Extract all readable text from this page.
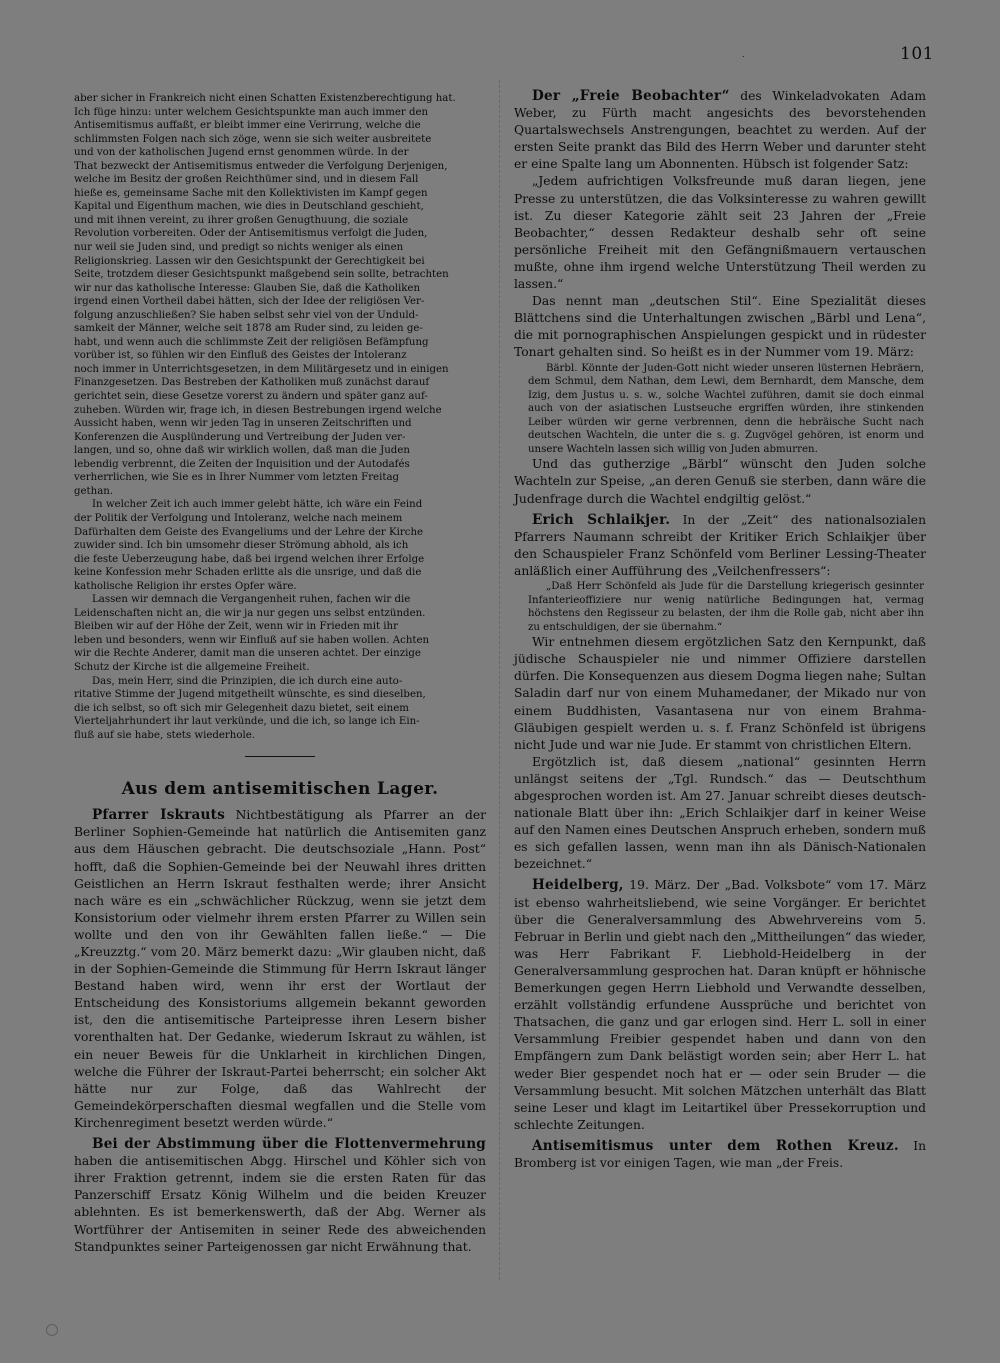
101
.
aber sicher in Frankreich nicht einen Schatten Existenzberechtigung hat.
Ich füge hinzu: unter welchem Gesichtspunkte man auch immer den
Antisemitismus auffaßt, er bleibt immer eine Verirrung, welche die
schlimmsten Folgen nach sich zöge, wenn sie sich weiter ausbreitete
und von der katholischen Jugend ernst genommen würde. In der
That bezweckt der Antisemitismus entweder die Verfolgung Derjenigen,
welche im Besitz der großen Reichthümer sind, und in diesem Fall
hieße es, gemeinsame Sache mit den Kollektivisten im Kampf gegen
Kapital und Eigenthum machen, wie dies in Deutschland geschieht,
und mit ihnen vereint, zu ihrer großen Genugthuung, die soziale
Revolution vorbereiten. Oder der Antisemitismus verfolgt die Juden,
nur weil sie Juden sind, und predigt so nichts weniger als einen
Religionskrieg. Lassen wir den Gesichtspunkt der Gerechtigkeit bei
Seite, trotzdem dieser Gesichtspunkt maßgebend sein sollte, betrachten
wir nur das katholische Interesse: Glauben Sie, daß die Katholiken
irgend einen Vortheil dabei hätten, sich der Idee der religiösen Ver-
folgung anzuschließen? Sie haben selbst sehr viel von der Unduld-
samkeit der Männer, welche seit 1878 am Ruder sind, zu leiden ge-
habt, und wenn auch die schlimmste Zeit der religiösen Befämpfung
vorüber ist, so fühlen wir den Einfluß des Geistes der Intoleranz
noch immer in Unterrichtsgesetzen, in dem Militärgesetz und in einigen
Finanzgesetzen. Das Bestreben der Katholiken muß zunächst darauf
gerichtet sein, diese Gesetze vorerst zu ändern und später ganz auf-
zuheben. Würden wir, frage ich, in diesen Bestrebungen irgend welche
Aussicht haben, wenn wir jeden Tag in unseren Zeitschriften und
Konferenzen die Ausplünderung und Vertreibung der Juden ver-
langen, und so, ohne daß wir wirklich wollen, daß man die Juden
lebendig verbrennt, die Zeiten der Inquisition und der Autodafés
verherrlichen, wie Sie es in Ihrer Nummer vom letzten Freitag
gethan.
In welcher Zeit ich auch immer gelebt hätte, ich wäre ein Feind
der Politik der Verfolgung und Intoleranz, welche nach meinem
Dafürhalten dem Geiste des Evangeliums und der Lehre der Kirche
zuwider sind. Ich bin umsomehr dieser Strömung abhold, als ich
die feste Ueberzeugung habe, daß bei irgend welchen ihrer Erfolge
keine Konfession mehr Schaden erlitte als die unsrige, und daß die
katholische Religion ihr erstes Opfer wäre.
Lassen wir demnach die Vergangenheit ruhen, fachen wir die
Leidenschaften nicht an, die wir ja nur gegen uns selbst entzünden.
Bleiben wir auf der Höhe der Zeit, wenn wir in Frieden mit ihr
leben und besonders, wenn wir Einfluß auf sie haben wollen. Achten
wir die Rechte Anderer, damit man die unseren achtet. Der einzige
Schutz der Kirche ist die allgemeine Freiheit.
Das, mein Herr, sind die Prinzipien, die ich durch eine auto-
ritative Stimme der Jugend mitgetheilt wünschte, es sind dieselben,
die ich selbst, so oft sich mir Gelegenheit dazu bietet, seit einem
Vierteljahrhundert ihr laut verkünde, und die ich, so lange ich Ein-
fluß auf sie habe, stets wiederhole.
Aus dem antisemitischen Lager.

Pfarrer Iskrauts Nichtbestätigung als Pfarrer an der Berliner Sophien-Gemeinde hat natürlich die Antisemiten ganz aus dem Häuschen gebracht. Die deutschsoziale „Hann. Post“ hofft, daß die Sophien-Gemeinde bei der Neuwahl ihres dritten Geistlichen an Herrn Iskraut festhalten werde; ihrer Ansicht nach wäre es ein „schwächlicher Rückzug, wenn sie jetzt dem Konsistorium oder vielmehr ihrem ersten Pfarrer zu Willen sein wollte und den von ihr Gewählten fallen ließe.“ — Die „Kreuzztg.“ vom 20. März bemerkt dazu: „Wir glauben nicht, daß in der Sophien-Gemeinde die Stimmung für Herrn Iskraut länger Bestand haben wird, wenn ihr erst der Wortlaut der Entscheidung des Konsistoriums allgemein bekannt geworden ist, den die antisemitische Parteipresse ihren Lesern bisher vorenthalten hat. Der Gedanke, wiederum Iskraut zu wählen, ist ein neuer Beweis für die Unklarheit in kirchlichen Dingen, welche die Führer der Iskraut-Partei beherrscht; ein solcher Akt hätte nur zur Folge, daß das Wahlrecht der Gemeindekörperschaften diesmal wegfallen und die Stelle vom Kirchenregiment besetzt werden würde.“

Bei der Abstimmung über die Flottenvermehrung haben die antisemitischen Abgg. Hirschel und Köhler sich von ihrer Fraktion getrennt, indem sie die ersten Raten für das Panzerschiff Ersatz König Wilhelm und die beiden Kreuzer ablehnten. Es ist bemerkenswerth, daß der Abg. Werner als Wortführer der Antisemiten in seiner Rede des abweichenden Standpunktes seiner Parteigenossen gar nicht Erwähnung that.

Der „Freie Beobachter“ des Winkeladvokaten Adam Weber, zu Fürth macht angesichts des bevorstehenden Quartalswechsels Anstrengungen, beachtet zu werden. Auf der ersten Seite prankt das Bild des Herrn Weber und darunter steht er eine Spalte lang um Abonnenten. Hübsch ist folgender Satz:

„Jedem aufrichtigen Volksfreunde muß daran liegen, jene Presse zu unterstützen, die das Volksinteresse zu wahren gewillt ist. Zu dieser Kategorie zählt seit 23 Jahren der „Freie Beobachter,“ dessen Redakteur deshalb sehr oft seine persönliche Freiheit mit den Gefängnißmauern vertauschen mußte, ohne ihm irgend welche Unterstützung Theil werden zu lassen.“

Das nennt man „deutschen Stil“. Eine Spezialität dieses Blättchens sind die Unterhaltungen zwischen „Bärbl und Lena“, die mit pornographischen Anspielungen gespickt und in rüdester Tonart gehalten sind. So heißt es in der Nummer vom 19. März:

Bärbl. Könnte der Juden-Gott nicht wieder unseren lüsternen Hebräern, dem Schmul, dem Nathan, dem Lewi, dem Bernhardt, dem Mansche, dem Izig, dem Justus u. s. w., solche Wachtel zuführen, damit sie doch einmal auch von der asiatischen Lustseuche ergriffen würden, ihre stinkenden Leiber würden wir gerne verbrennen, denn die hebräische Sucht nach deutschen Wachteln, die unter die s. g. Zugvögel gehören, ist enorm und unsere Wachteln lassen sich willig von Juden abmurren.

Und das gutherzige „Bärbl“ wünscht den Juden solche Wachteln zur Speise, „an deren Genuß sie sterben, dann wäre die Judenfrage durch die Wachtel endgiltig gelöst.“

Erich Schlaikjer. In der „Zeit“ des nationalsozialen Pfarrers Naumann schreibt der Kritiker Erich Schlaikjer über den Schauspieler Franz Schönfeld vom Berliner Lessing-Theater anläßlich einer Aufführung des „Veilchenfressers“:

„Daß Herr Schönfeld als Jude für die Darstellung kriegerisch gesinnter Infanterieoffiziere nur wenig natürliche Bedingungen hat, vermag höchstens den Regisseur zu belasten, der ihm die Rolle gab, nicht aber ihn zu entschuldigen, der sie übernahm.“

Wir entnehmen diesem ergötzlichen Satz den Kernpunkt, daß jüdische Schauspieler nie und nimmer Offiziere darstellen dürfen. Die Konsequenzen aus diesem Dogma liegen nahe; Sultan Saladin darf nur von einem Muhamedaner, der Mikado nur von einem Buddhisten, Vasantasena nur von einem Brahma-Gläubigen gespielt werden u. s. f. Franz Schönfeld ist übrigens nicht Jude und war nie Jude. Er stammt von christlichen Eltern.

Ergötzlich ist, daß diesem „national“ gesinnten Herrn unlängst seitens der „Tgl. Rundsch.“ das — Deutschthum abgesprochen worden ist. Am 27. Januar schreibt dieses deutsch-nationale Blatt über ihn: „Erich Schlaikjer darf in keiner Weise auf den Namen eines Deutschen Anspruch erheben, sondern muß es sich gefallen lassen, wenn man ihn als Dänisch-Nationalen bezeichnet.“

Heidelberg, 19. März. Der „Bad. Volksbote“ vom 17. März ist ebenso wahrheitsliebend, wie seine Vorgänger. Er berichtet über die Generalversammlung des Abwehrvereins vom 5. Februar in Berlin und giebt nach den „Mittheilungen“ das wieder, was Herr Fabrikant F. Liebhold-Heidelberg in der Generalversammlung gesprochen hat. Daran knüpft er höhnische Bemerkungen gegen Herrn Liebhold und Verwandte desselben, erzählt vollständig erfundene Aussprüche und berichtet von Thatsachen, die ganz und gar erlogen sind. Herr L. soll in einer Versammlung Freibier gespendet haben und dann von den Empfängern zum Dank belästigt worden sein; aber Herr L. hat weder Bier gespendet noch hat er — oder sein Bruder — die Versammlung besucht. Mit solchen Mätzchen unterhält das Blatt seine Leser und klagt im Leitartikel über Pressekorruption und schlechte Zeitungen.

Antisemitismus unter dem Rothen Kreuz. In Bromberg ist vor einigen Tagen, wie man „der Freis.
